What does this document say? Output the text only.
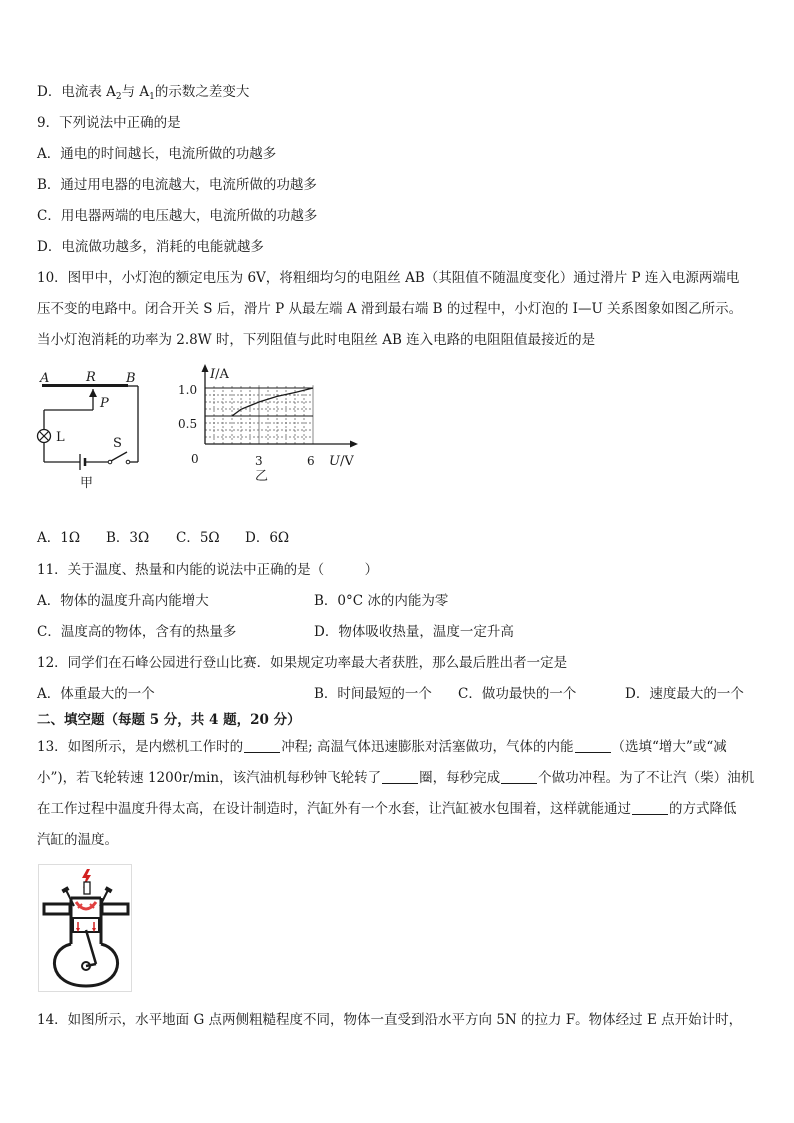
D．电流表 $A_2$与 $A_1$的示数之差变大
9．下列说法中正确的是
A．通电的时间越长，电流所做的功越多
B．通过用电器的电流越大，电流所做的功越多
C．用电器两端的电压越大，电流所做的功越多
D．电流做功越多，消耗的电能就越多
10．图甲中，小灯泡的额定电压为 6V，将粗细均匀的电阻丝 AB（其阻值不随温度变化）通过滑片 P 连入电源两端电
压不变的电路中。闭合开关 S 后，滑片 P 从最左端 A 滑到最右端 B 的过程中，小灯泡的 I—U 关系图象如图乙所示。
当小灯泡消耗的功率为 2.8W 时，下列阻值与此时电阻丝 AB 连入电路的电阻阻值最接近的是
A	R B
P
L	S
甲
I/A
1.0
0.5
0	3	6 U/V
乙
A．1Ω B．3Ω C．5Ω D．6Ω
11．关于温度、热量和内能的说法中正确的是（　　　）
A．物体的温度升高内能增大	B．0°C 冰的内能为零
C．温度高的物体，含有的热量多	D．物体吸收热量，温度一定升高
12．同学们在石峰公园进行登山比赛．如果规定功率最大者获胜，那么最后胜出者一定是
A．体重最大的一个	B．时间最短的一个 C．做功最快的一个	D．速度最大的一个
二、填空题（每题 5 分，共 4 题，20 分）
13．如图所示，是内燃机工作时的	冲程; 高温气体迅速膨胀对活塞做功，气体的内能	（选填“增大”或“减
小”)，若飞轮转速 1200r/min，该汽油机每秒钟飞轮转了	圈，每秒完成	个做功冲程。为了不让汽（柴）油机
在工作过程中温度升得太高，在设计制造时，汽缸外有一个水套，让汽缸被水包围着，这样就能通过	的方式降低
汽缸的温度。
14．如图所示，水平地面 G 点两侧粗糙程度不同，物体一直受到沿水平方向 5N 的拉力 F。物体经过 E 点开始计时，
